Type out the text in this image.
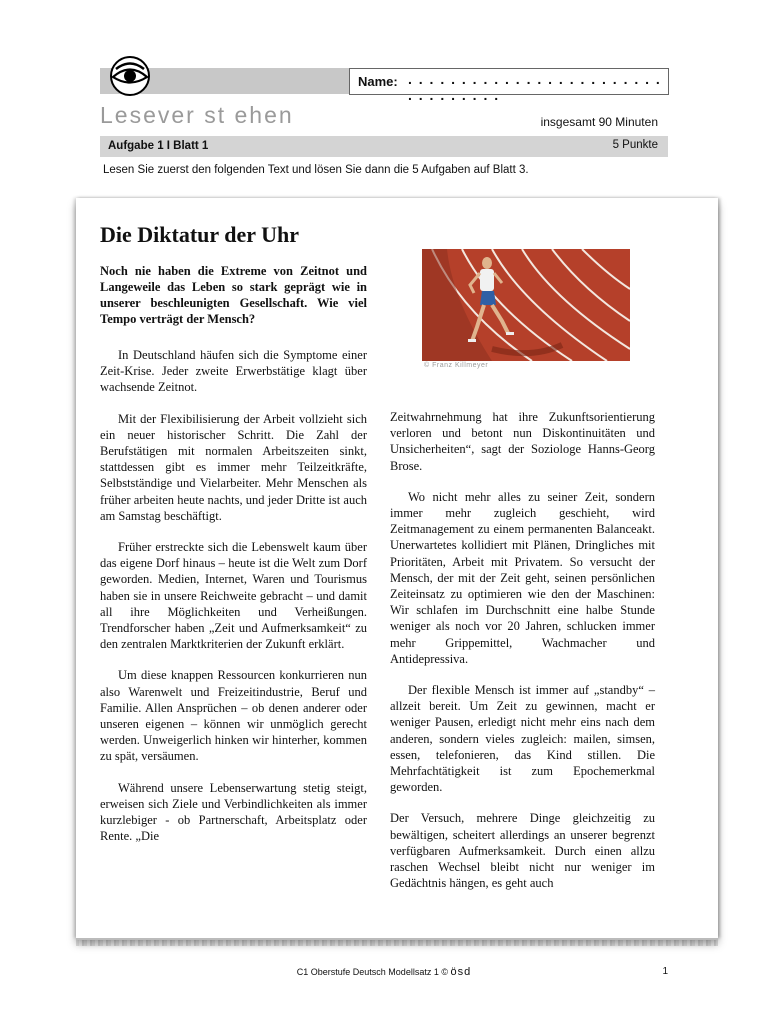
Name: . . . . . . . . . . . . . . . . . . . . . . . . . . . . . . . . .
Lesever st ehen	insgesamt 90 Minuten
Aufgabe 1 I Blatt 1	5 Punkte
Lesen Sie zuerst den folgenden Text und lösen Sie dann die 5 Aufgaben auf Blatt 3.
Die Diktatur der Uhr
Noch nie haben die Extreme von Zeitnot und Langeweile das Leben so stark geprägt wie in unserer beschleunigten Gesellschaft. Wie viel Tempo verträgt der Mensch?
© Franz Killmeyer

In Deutschland häufen sich die Symptome einer Zeit-Krise. Jeder zweite Erwerbstätige klagt über wachsende Zeitnot.

Mit der Flexibilisierung der Arbeit vollzieht sich ein neuer historischer Schritt. Die Zahl der Berufstätigen mit normalen Arbeitszeiten sinkt, stattdessen gibt es immer mehr Teilzeitkräfte, Selbstständige und Vielarbeiter. Mehr Menschen als früher arbeiten heute nachts, und jeder Dritte ist auch am Samstag beschäftigt.

Früher erstreckte sich die Lebenswelt kaum über das eigene Dorf hinaus – heute ist die Welt zum Dorf geworden. Medien, Internet, Waren und Tourismus haben sie in unsere Reichweite gebracht – und damit all ihre Möglichkeiten und Verheißungen. Trendforscher haben „Zeit und Aufmerksamkeit“ zu den zentralen Marktkriterien der Zukunft erklärt.

Um diese knappen Ressourcen konkurrieren nun also Warenwelt und Freizeitindustrie, Beruf und Familie. Allen Ansprüchen – ob denen anderer oder unseren eigenen – können wir unmöglich gerecht werden. Unweigerlich hinken wir hinterher, kommen zu spät, versäumen.

Während unsere Lebenserwartung stetig steigt, erweisen sich Ziele und Verbindlichkeiten als immer kurzlebiger - ob Partnerschaft, Arbeitsplatz oder Rente. „Die

Zeitwahrnehmung hat ihre Zukunftsorientierung verloren und betont nun Diskontinuitäten und Unsicherheiten“, sagt der Soziologe Hanns-Georg Brose.

Wo nicht mehr alles zu seiner Zeit, sondern immer mehr zugleich geschieht, wird Zeitmanagement zu einem permanenten Balanceakt. Unerwartetes kollidiert mit Plänen, Dringliches mit Prioritäten, Arbeit mit Privatem. So versucht der Mensch, der mit der Zeit geht, seinen persönlichen Zeiteinsatz zu optimieren wie den der Maschinen: Wir schlafen im Durchschnitt eine halbe Stunde weniger als noch vor 20 Jahren, schlucken immer mehr Grippemittel, Wachmacher und Antidepressiva.

Der flexible Mensch ist immer auf „standby“ – allzeit bereit. Um Zeit zu gewinnen, macht er weniger Pausen, erledigt nicht mehr eins nach dem anderen, sondern vieles zugleich: mailen, simsen, essen, telefonieren, das Kind stillen. Die Mehrfachtätigkeit ist zum Epochemerkmal geworden.

Der Versuch, mehrere Dinge gleichzeitig zu bewältigen, scheitert allerdings an unserer begrenzt verfügbaren Aufmerksamkeit. Durch einen allzu raschen Wechsel bleibt nicht nur weniger im Gedächtnis hängen, es geht auch

C1 Oberstufe Deutsch Modellsatz 1 © ösd	1
